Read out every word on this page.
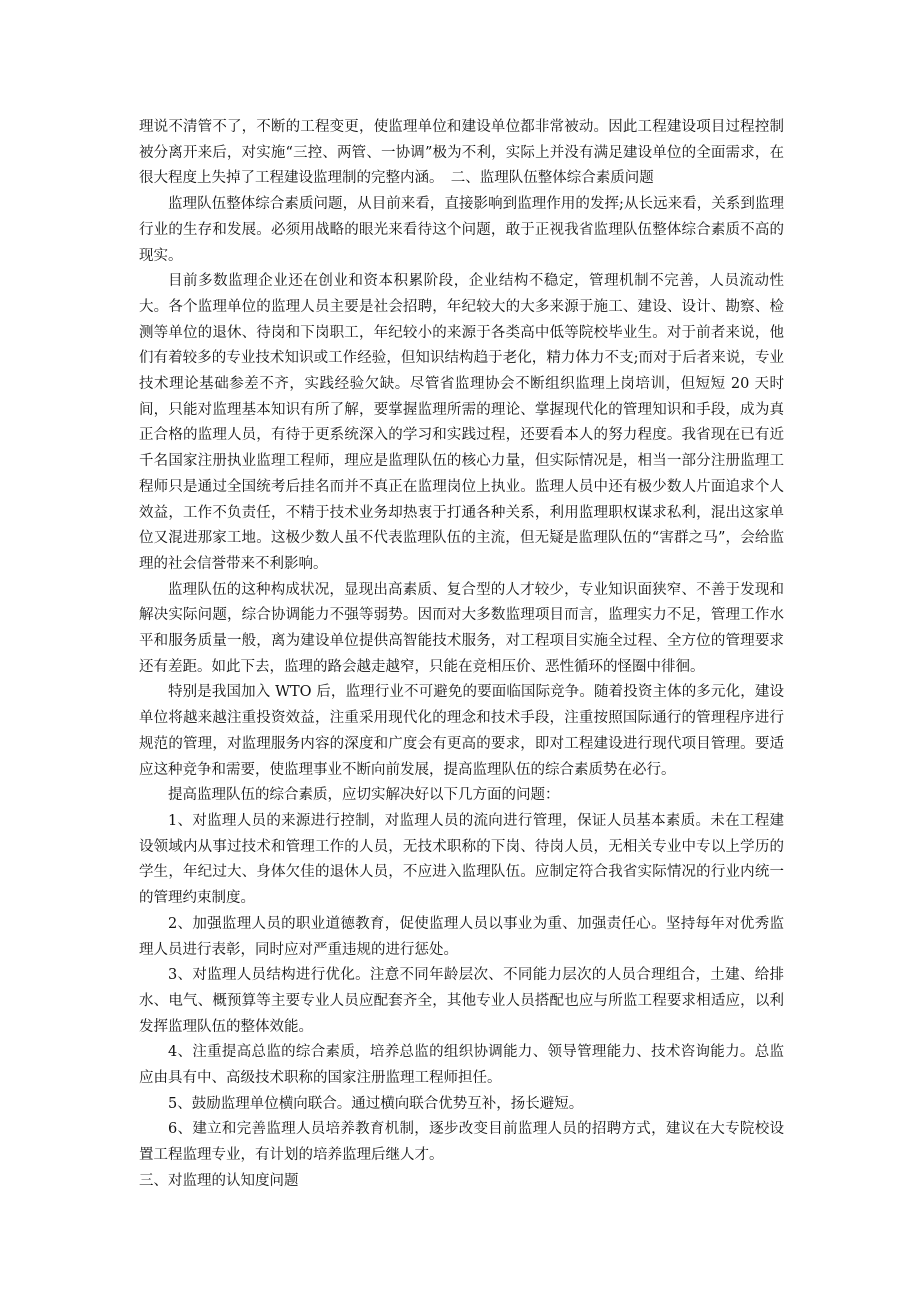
理说不清管不了，不断的工程变更，使监理单位和建设单位都非常被动。因此工程建设项目过程控制被分离开来后，对实施“三控、两管、一协调”极为不利，实际上并没有满足建设单位的全面需求，在很大程度上失掉了工程建设监理制的完整内涵。　二、监理队伍整体综合素质问题

监理队伍整体综合素质问题，从目前来看，直接影响到监理作用的发挥;从长远来看，关系到监理行业的生存和发展。必须用战略的眼光来看待这个问题，敢于正视我省监理队伍整体综合素质不高的现实。

目前多数监理企业还在创业和资本积累阶段，企业结构不稳定，管理机制不完善，人员流动性大。各个监理单位的监理人员主要是社会招聘，年纪较大的大多来源于施工、建设、设计、勘察、检测等单位的退休、待岗和下岗职工，年纪较小的来源于各类高中低等院校毕业生。对于前者来说，他们有着较多的专业技术知识或工作经验，但知识结构趋于老化，精力体力不支;而对于后者来说，专业技术理论基础参差不齐，实践经验欠缺。尽管省监理协会不断组织监理上岗培训，但短短 20 天时间，只能对监理基本知识有所了解，要掌握监理所需的理论、掌握现代化的管理知识和手段，成为真正合格的监理人员，有待于更系统深入的学习和实践过程，还要看本人的努力程度。我省现在已有近千名国家注册执业监理工程师，理应是监理队伍的核心力量，但实际情况是，相当一部分注册监理工程师只是通过全国统考后挂名而并不真正在监理岗位上执业。监理人员中还有极少数人片面追求个人效益，工作不负责任，不精于技术业务却热衷于打通各种关系，利用监理职权谋求私利，混出这家单位又混进那家工地。这极少数人虽不代表监理队伍的主流，但无疑是监理队伍的“害群之马”，会给监理的社会信誉带来不利影响。

监理队伍的这种构成状况，显现出高素质、复合型的人才较少，专业知识面狭窄、不善于发现和解决实际问题，综合协调能力不强等弱势。因而对大多数监理项目而言，监理实力不足，管理工作水平和服务质量一般，离为建设单位提供高智能技术服务，对工程项目实施全过程、全方位的管理要求还有差距。如此下去，监理的路会越走越窄，只能在竞相压价、恶性循环的怪圈中徘徊。

特别是我国加入 WTO 后，监理行业不可避免的要面临国际竞争。随着投资主体的多元化，建设单位将越来越注重投资效益，注重采用现代化的理念和技术手段，注重按照国际通行的管理程序进行规范的管理，对监理服务内容的深度和广度会有更高的要求，即对工程建设进行现代项目管理。要适应这种竞争和需要，使监理事业不断向前发展，提高监理队伍的综合素质势在必行。

提高监理队伍的综合素质，应切实解决好以下几方面的问题：

1、对监理人员的来源进行控制，对监理人员的流向进行管理，保证人员基本素质。未在工程建设领域内从事过技术和管理工作的人员，无技术职称的下岗、待岗人员，无相关专业中专以上学历的学生，年纪过大、身体欠佳的退休人员，不应进入监理队伍。应制定符合我省实际情况的行业内统一的管理约束制度。

2、加强监理人员的职业道德教育，促使监理人员以事业为重、加强责任心。坚持每年对优秀监理人员进行表彰，同时应对严重违规的进行惩处。

3、对监理人员结构进行优化。注意不同年龄层次、不同能力层次的人员合理组合，土建、给排水、电气、概预算等主要专业人员应配套齐全，其他专业人员搭配也应与所监工程要求相适应，以利发挥监理队伍的整体效能。

4、注重提高总监的综合素质，培养总监的组织协调能力、领导管理能力、技术咨询能力。总监应由具有中、高级技术职称的国家注册监理工程师担任。

5、鼓励监理单位横向联合。通过横向联合优势互补，扬长避短。

6、建立和完善监理人员培养教育机制，逐步改变目前监理人员的招聘方式，建议在大专院校设置工程监理专业，有计划的培养监理后继人才。

三、对监理的认知度问题
